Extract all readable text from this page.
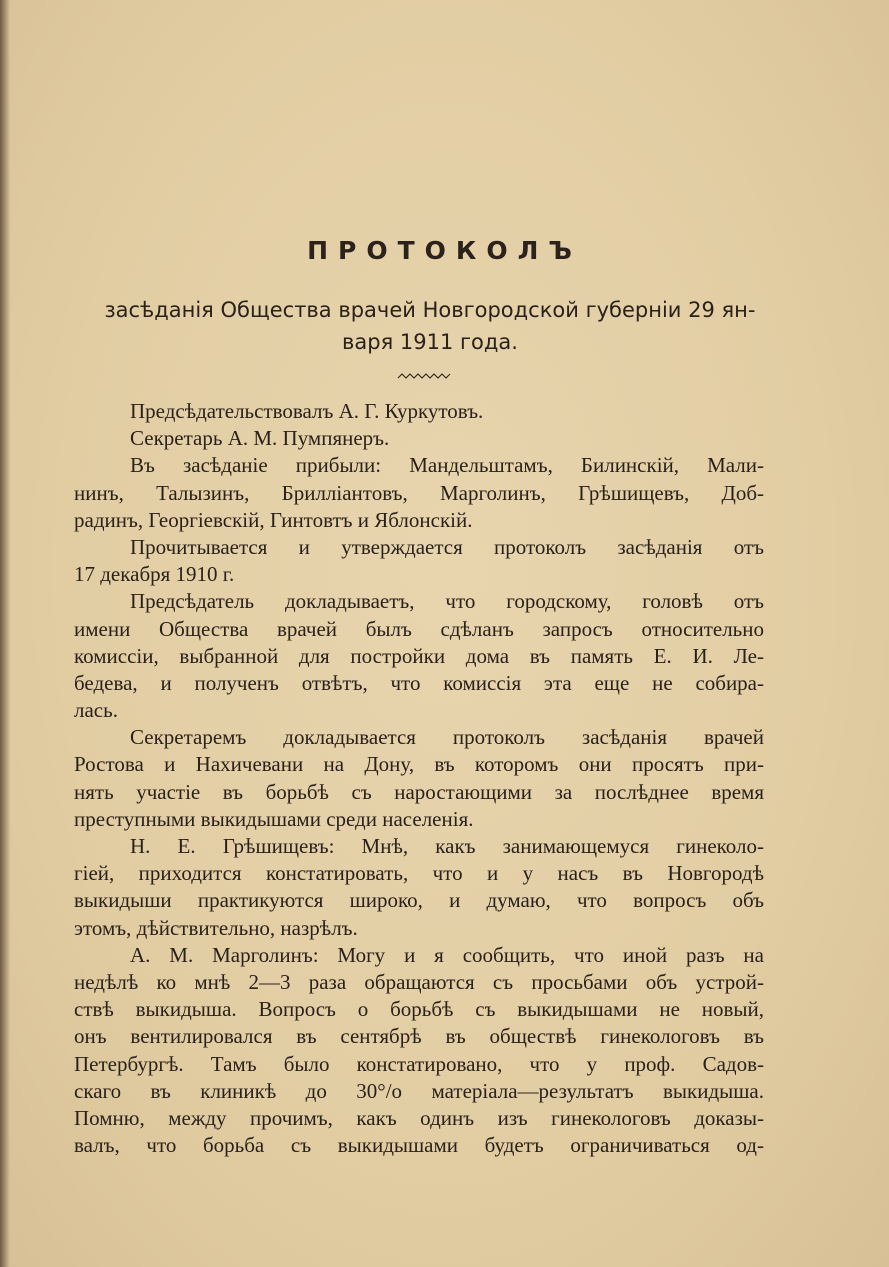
ПРОТОКОЛЪ
засѣданія Общества врачей Новгородской губерніи 29 ян-
варя 1911 года.
Предсѣдательствовалъ А. Г. Куркутовъ.
Секретарь А. М. Пумпянеръ.
Въ засѣданіе прибыли: Мандельштамъ, Билинскій, Мали-
нинъ, Талызинъ, Брилліантовъ, Марголинъ, Грѣшищевъ, Доб-
радинъ, Георгіевскій, Гинтовтъ и Яблонскій.
Прочитывается и утверждается протоколъ засѣданія отъ
17 декабря 1910 г.
Предсѣдатель докладываетъ, что городскому, головѣ отъ
имени Общества врачей былъ сдѣланъ запросъ относительно
комиссіи, выбранной для постройки дома въ память Е. И. Ле-
бедева, и полученъ отвѣтъ, что комиссія эта еще не собира-
лась.
Секретаремъ докладывается протоколъ засѣданія врачей
Ростова и Нахичевани на Дону, въ которомъ они просятъ при-
нять участіе въ борьбѣ съ наростающими за послѣднее время
преступными выкидышами среди населенія.
Н. Е. Грѣшищевъ: Мнѣ, какъ занимающемуся гинеколо-
гіей, приходится констатировать, что и у насъ въ Новгородѣ
выкидыши практикуются широко, и думаю, что вопросъ объ
этомъ, дѣйствительно, назрѣлъ.
А. М. Марголинъ: Могу и я сообщить, что иной разъ на
недѣлѣ ко мнѣ 2—3 раза обращаются съ просьбами объ устрой-
ствѣ выкидыша. Вопросъ о борьбѣ съ выкидышами не новый,
онъ вентилировался въ сентябрѣ въ обществѣ гинекологовъ въ
Петербургѣ. Тамъ было констатировано, что у проф. Садов-
скаго въ клиникѣ до 30°/о матеріала—результатъ выкидыша.
Помню, между прочимъ, какъ одинъ изъ гинекологовъ доказы-
валъ, что борьба съ выкидышами будетъ ограничиваться од-
